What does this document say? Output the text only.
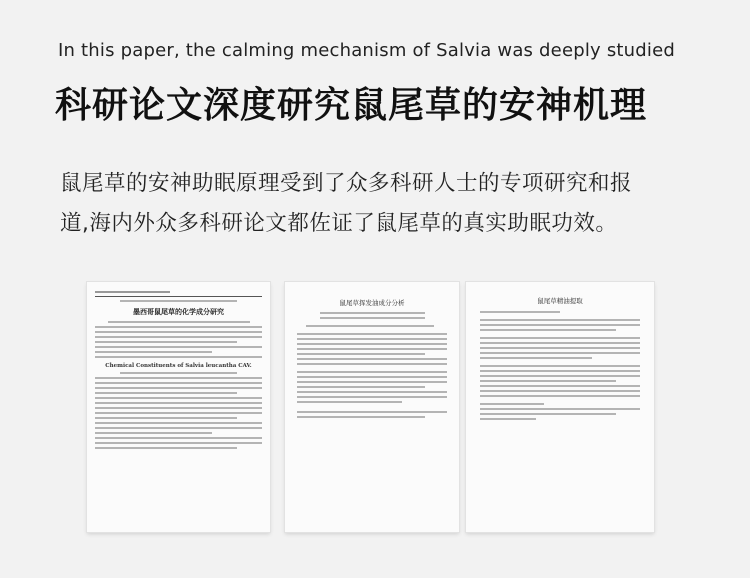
In this paper, the calming mechanism of Salvia was deeply studied
科研论文深度研究鼠尾草的安神机理
鼠尾草的安神助眠原理受到了众多科研人士的专项研究和报
道,海内外众多科研论文都佐证了鼠尾草的真实助眠功效。
墨西哥鼠尾草的化学成分研究
Chemical Constituents of Salvia leucantha CAV.
鼠尾草挥发油成分分析	鼠尾草精油提取
